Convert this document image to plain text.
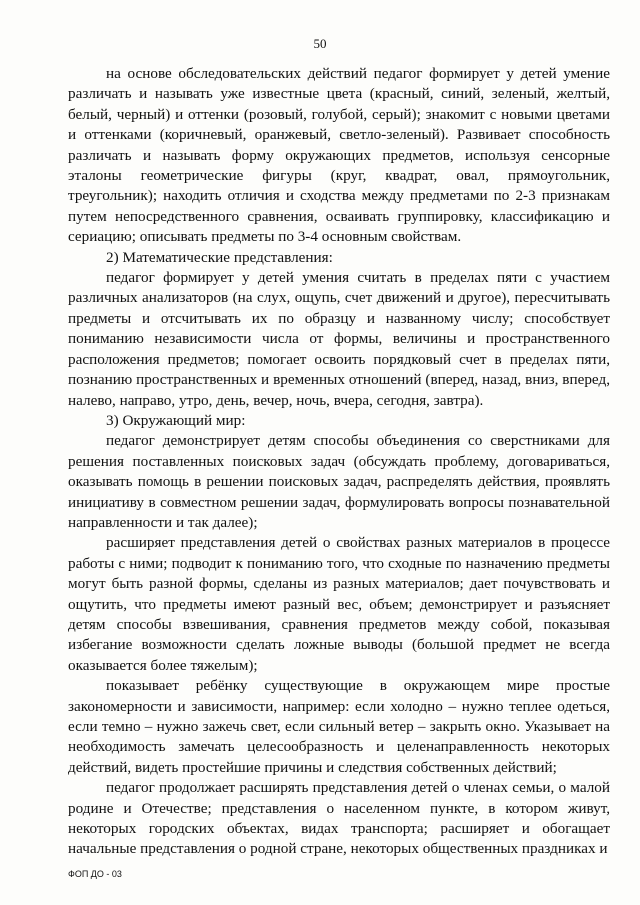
50

на основе обследовательских действий педагог формирует у детей умение различать и называть уже известные цвета (красный, синий, зеленый, желтый, белый, черный) и оттенки (розовый, голубой, серый); знакомит с новыми цветами и оттенками (коричневый, оранжевый, светло-зеленый). Развивает способность различать и называть форму окружающих предметов, используя сенсорные эталоны геометрические фигуры (круг, квадрат, овал, прямоугольник, треугольник); находить отличия и сходства между предметами по 2-3 признакам путем непосредственного сравнения, осваивать группировку, классификацию и сериацию; описывать предметы по 3-4 основным свойствам.

2) Математические представления:

педагог формирует у детей умения считать в пределах пяти с участием различных анализаторов (на слух, ощупь, счет движений и другое), пересчитывать предметы и отсчитывать их по образцу и названному числу; способствует пониманию независимости числа от формы, величины и пространственного расположения предметов; помогает освоить порядковый счет в пределах пяти, познанию пространственных и временных отношений (вперед, назад, вниз, вперед, налево, направо, утро, день, вечер, ночь, вчера, сегодня, завтра).

3) Окружающий мир:

педагог демонстрирует детям способы объединения со сверстниками для решения поставленных поисковых задач (обсуждать проблему, договариваться, оказывать помощь в решении поисковых задач, распределять действия, проявлять инициативу в совместном решении задач, формулировать вопросы познавательной направленности и так далее);

расширяет представления детей о свойствах разных материалов в процессе работы с ними; подводит к пониманию того, что сходные по назначению предметы могут быть разной формы, сделаны из разных материалов; дает почувствовать и ощутить, что предметы имеют разный вес, объем; демонстрирует и разъясняет детям способы взвешивания, сравнения предметов между собой, показывая избегание возможности сделать ложные выводы (большой предмет не всегда оказывается более тяжелым);

показывает ребёнку существующие в окружающем мире простые закономерности и зависимости, например: если холодно – нужно теплее одеться, если темно – нужно зажечь свет, если сильный ветер – закрыть окно. Указывает на необходимость замечать целесообразность и целенаправленность некоторых действий, видеть простейшие причины и следствия собственных действий;

педагог продолжает расширять представления детей о членах семьи, о малой родине и Отечестве; представления о населенном пункте, в котором живут, некоторых городских объектах, видах транспорта; расширяет и обогащает начальные представления о родной стране, некоторых общественных праздниках и

ФОП ДО - 03
